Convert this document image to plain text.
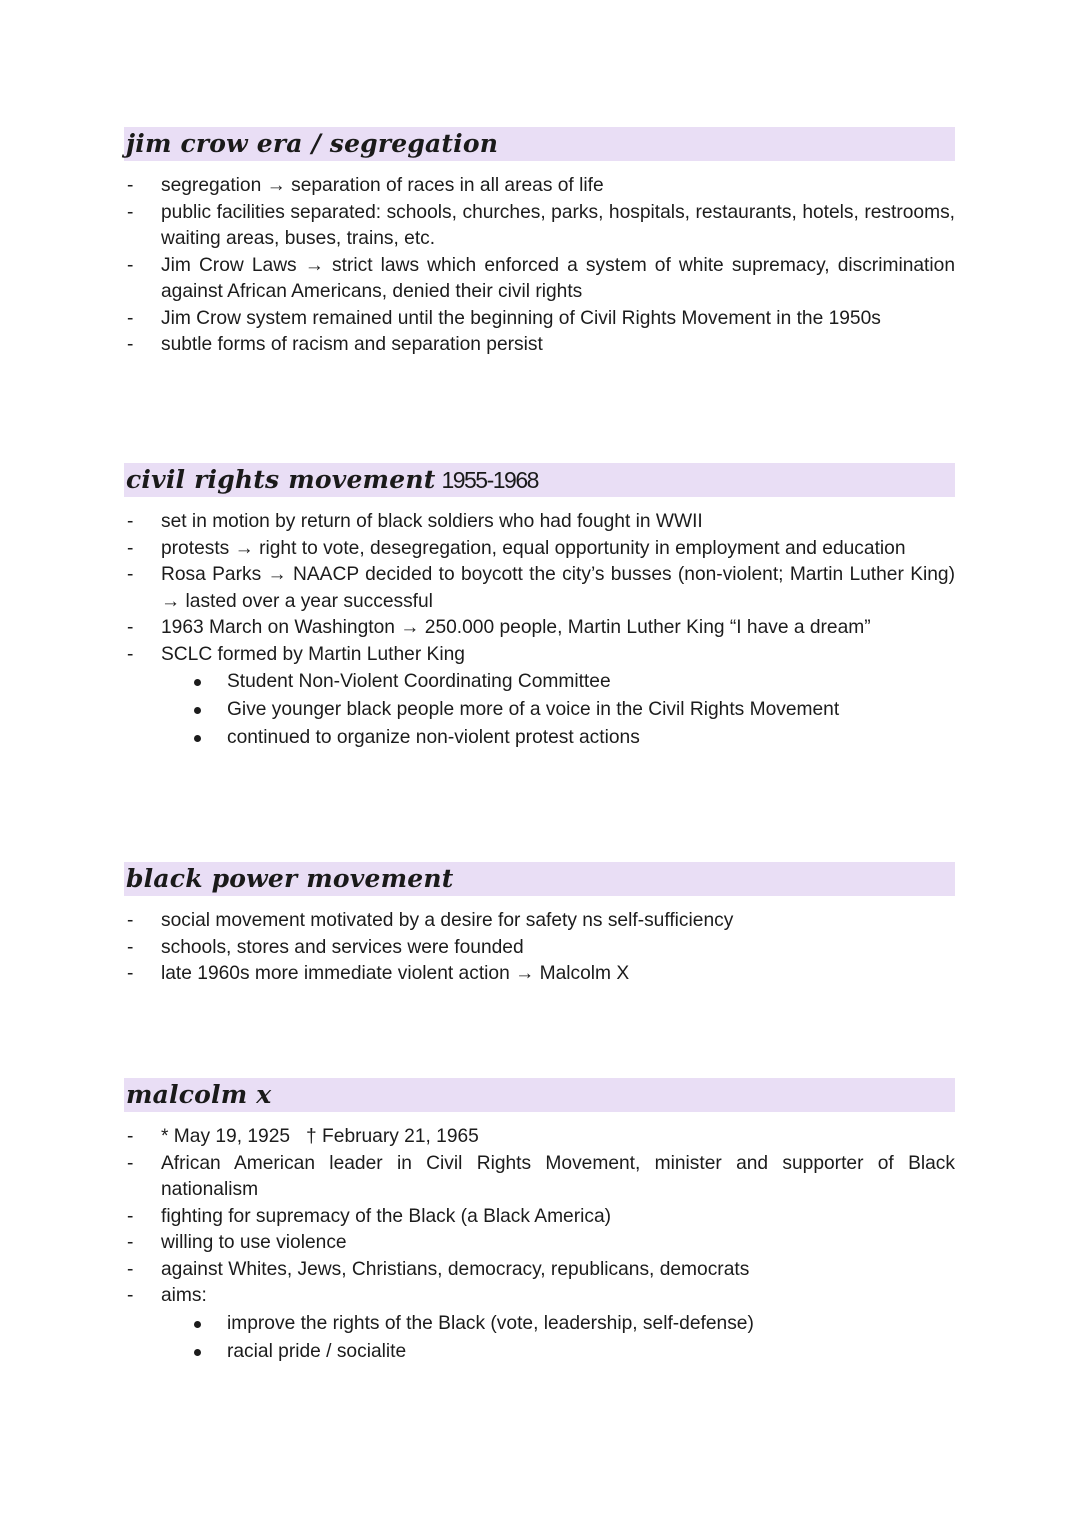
jim crow era / segregation
- segregation → separation of races in all areas of life
- public facilities separated: schools, churches, parks, hospitals, restaurants, hotels, restrooms, waiting areas, buses, trains, etc.
- Jim Crow Laws → strict laws which enforced a system of white supremacy, discrimination against African Americans, denied their civil rights
- Jim Crow system remained until the beginning of Civil Rights Movement in the 1950s
- subtle forms of racism and separation persist
civil rights movement 1955-1968
- set in motion by return of black soldiers who had fought in WWII
- protests → right to vote, desegregation, equal opportunity in employment and education
- Rosa Parks → NAACP decided to boycott the city’s busses (non-violent; Martin Luther King) → lasted over a year successful
- 1963 March on Washington → 250.000 people, Martin Luther King “I have a dream”
- SCLC formed by Martin Luther King
Student Non-Violent Coordinating Committee
Give younger black people more of a voice in the Civil Rights Movement
continued to organize non-violent protest actions
black power movement
- social movement motivated by a desire for safety ns self-sufficiency
- schools, stores and services were founded
- late 1960s more immediate violent action → Malcolm X
malcolm x
- * May 19, 1925   † February 21, 1965
- African American leader in Civil Rights Movement, minister and supporter of Black nationalism
- fighting for supremacy of the Black (a Black America)
- willing to use violence
- against Whites, Jews, Christians, democracy, republicans, democrats
- aims:
improve the rights of the Black (vote, leadership, self-defense)
racial pride / socialite
